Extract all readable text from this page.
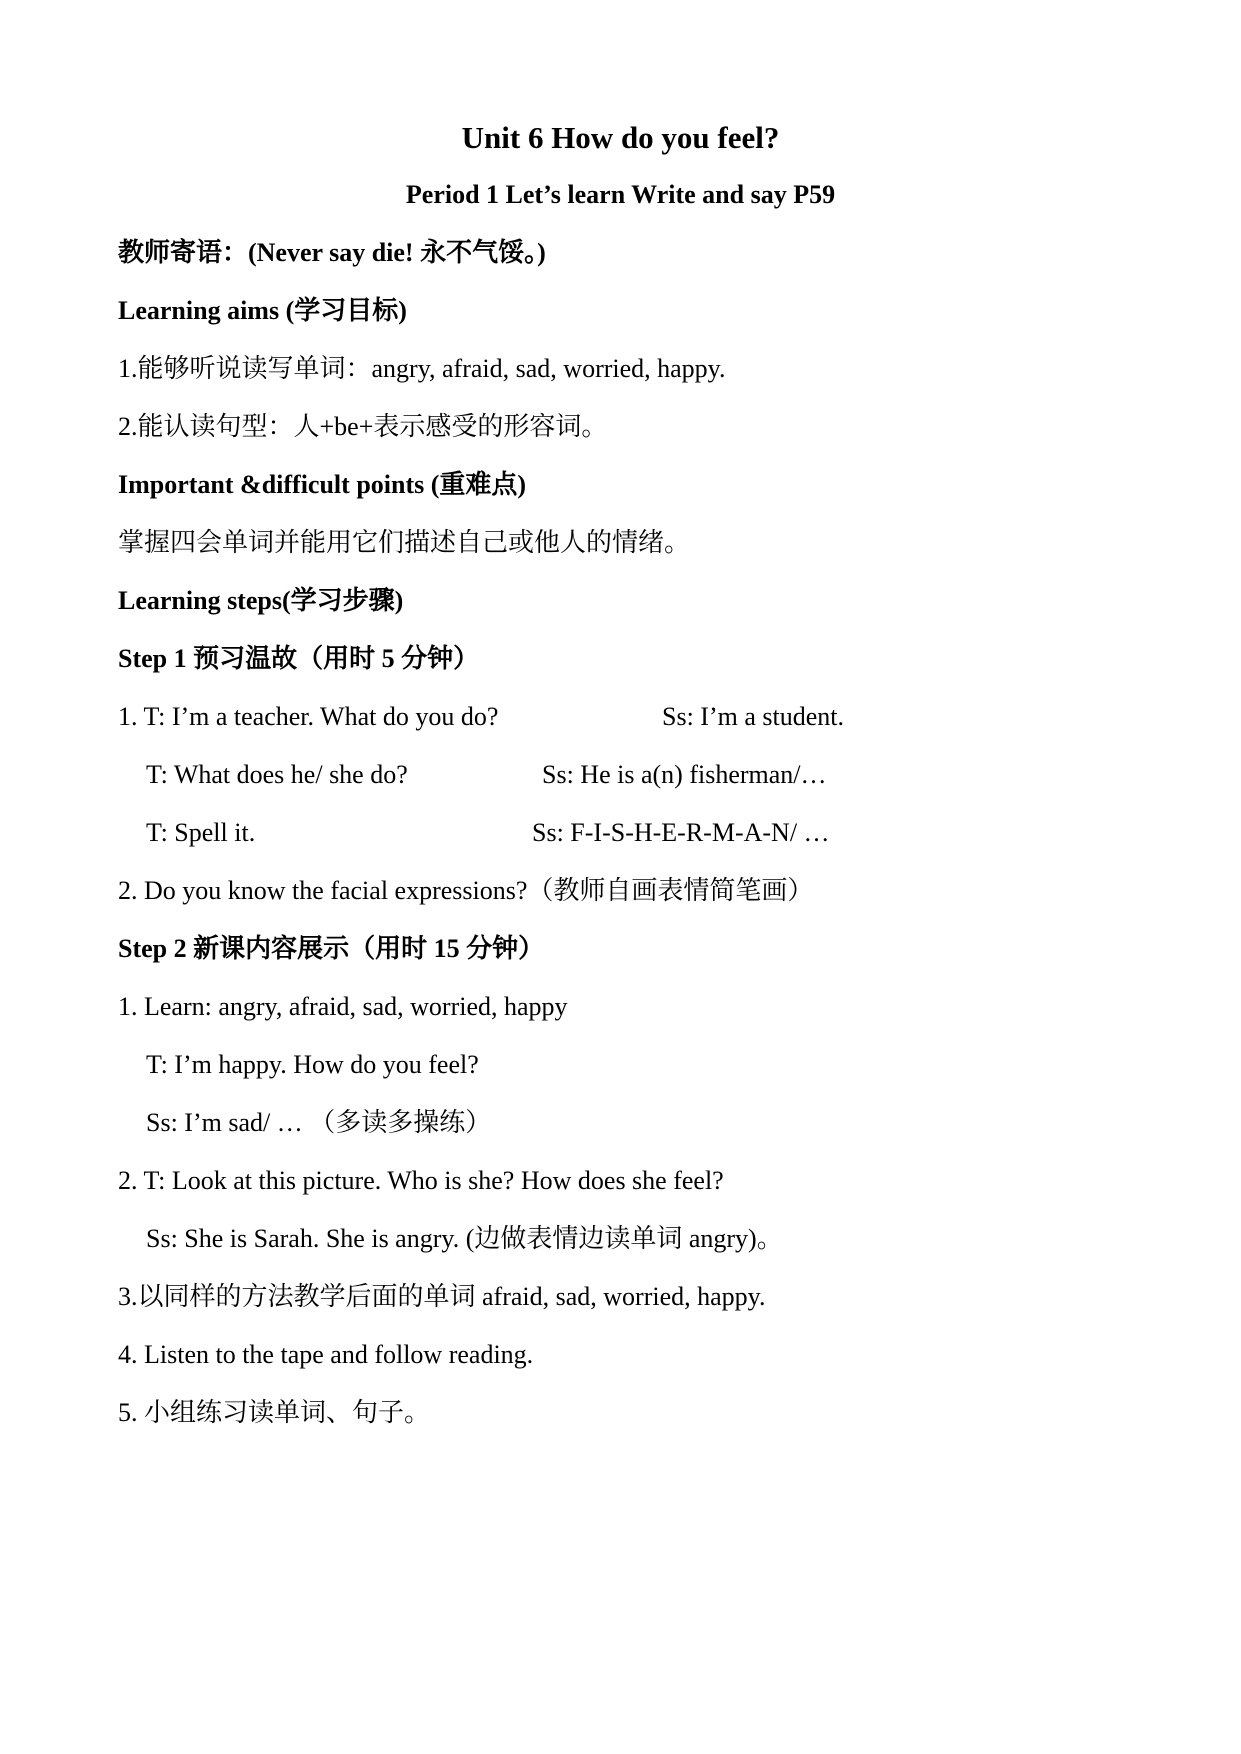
Unit 6 How do you feel?
Period 1 Let’s learn Write and say P59
教师寄语：(Never say die! 永不气馁。)
Learning aims (学习目标)
1.能够听说读写单词：angry, afraid, sad, worried, happy.
2.能认读句型：人+be+表示感受的形容词。
Important &difficult points (重难点)
掌握四会单词并能用它们描述自己或他人的情绪。
Learning steps(学习步骤)
Step 1 预习温故（用时 5 分钟）
1. T: I’m a teacher. What do you do?	Ss: I’m a student.
T: What does he/ she do?	Ss: He is a(n) fisherman/…
T: Spell it.	Ss: F-I-S-H-E-R-M-A-N/ …
2. Do you know the facial expressions?（教师自画表情简笔画）
Step 2 新课内容展示（用时 15 分钟）
1. Learn: angry, afraid, sad, worried, happy
T: I’m happy. How do you feel?
Ss: I’m sad/ … （多读多操练）
2. T: Look at this picture. Who is she? How does she feel?
Ss: She is Sarah. She is angry. (边做表情边读单词 angry)。
3.以同样的方法教学后面的单词 afraid, sad, worried, happy.
4. Listen to the tape and follow reading.
5. 小组练习读单词、句子。
